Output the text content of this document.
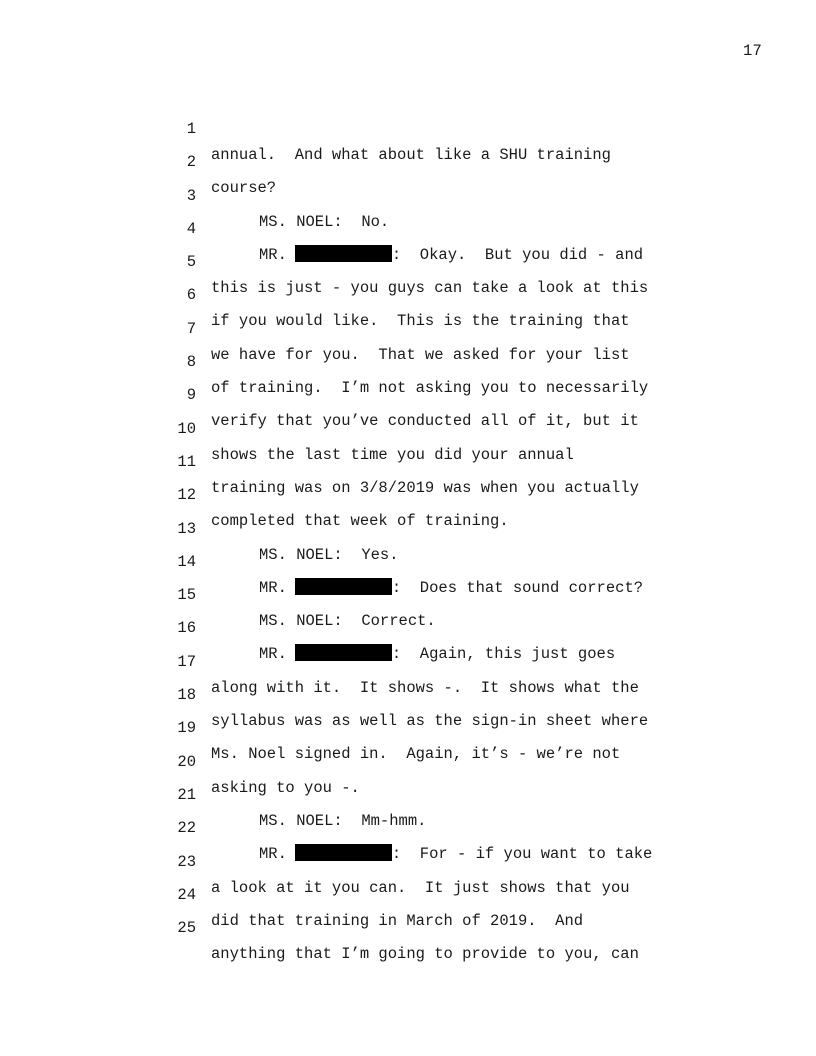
17

1

annual.  And what about like a SHU training

2

course?

3

MS. NOEL:  No.

4

MR.	:  Okay.  But you did - and

5

this is just - you guys can take a look at this

6

if you would like.  This is the training that

7

we have for you.  That we asked for your list

8

of training.  I’m not asking you to necessarily

9

verify that you’ve conducted all of it, but it

10

shows the last time you did your annual

11

training was on 3/8/2019 was when you actually

12

completed that week of training.

13

MS. NOEL:  Yes.

14

MR.	:  Does that sound correct?

15

MS. NOEL:  Correct.

16

MR.	:  Again, this just goes

17

along with it.  It shows -.  It shows what the

18

syllabus was as well as the sign-in sheet where

19

Ms. Noel signed in.  Again, it’s - we’re not

20

asking to you -.

21

MS. NOEL:  Mm-hmm.

22

MR.	:  For - if you want to take

23

a look at it you can.  It just shows that you

24

did that training in March of 2019.  And

25

anything that I’m going to provide to you, can
